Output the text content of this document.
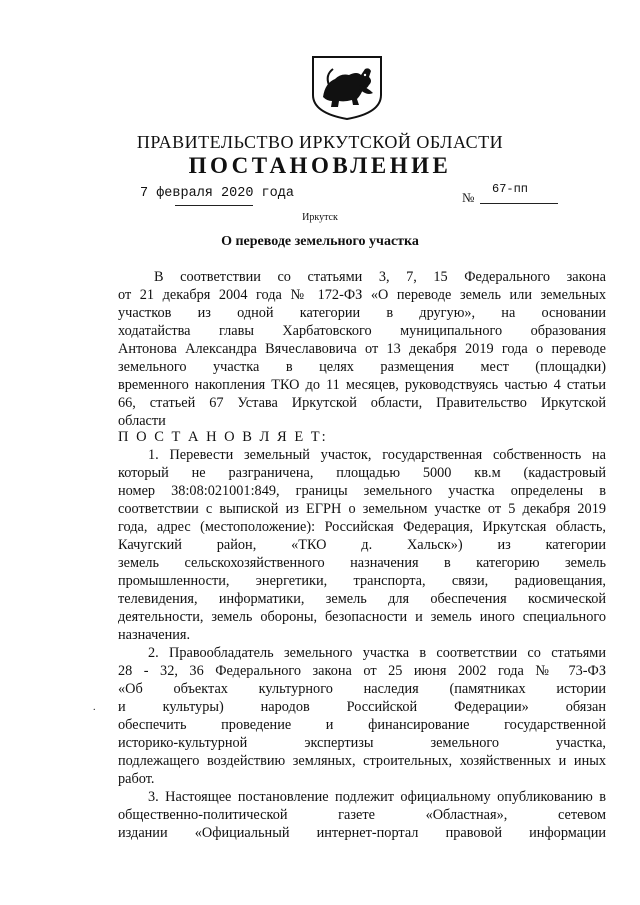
ПРАВИТЕЛЬСТВО ИРКУТСКОЙ ОБЛАСТИ
ПОСТАНОВЛЕНИЕ
7 февраля 2020 года	№
67-пп
Иркутск
О переводе земельного участка
В соответствии со статьями 3, 7, 15 Федерального закона
от 21 декабря 2004 года № 172-ФЗ «О переводе земель или земельных
участков из одной категории в другую», на основании
ходатайства главы Харбатовского муниципального образования
Антонова Александра Вячеславовича от 13 декабря 2019 года о переводе
земельного участка в целях размещения мест (площадки)
временного накопления ТКО до 11 месяцев, руководствуясь частью 4 статьи
66, статьей 67 Устава Иркутской области, Правительство Иркутской
области
П О С Т А Н О В Л Я Е Т:
1. Перевести земельный участок, государственная собственность на
который не разграничена, площадью 5000 кв.м (кадастровый
номер 38:08:021001:849, границы земельного участка определены в
соответствии с выпиской из ЕГРН о земельном участке от 5 декабря 2019
года, адрес (местоположение): Российская Федерация, Иркутская область,
Качугский район, «ТКО д. Хальск») из категории
земель сельскохозяйственного назначения в категорию земель
промышленности, энергетики, транспорта, связи, радиовещания,
телевидения, информатики, земель для обеспечения космической
деятельности, земель обороны, безопасности и земель иного специального
назначения.
2. Правообладатель земельного участка в соответствии со статьями
28 - 32, 36 Федерального закона от 25 июня 2002 года № 73-ФЗ
«Об объектах культурного наследия (памятниках истории
и культуры) народов Российской Федерации» обязан
обеспечить проведение и финансирование государственной
историко-культурной экспертизы земельного участка,
подлежащего воздействию земляных, строительных, хозяйственных и иных
работ.
3. Настоящее постановление подлежит официальному опубликованию в
общественно-политической газете «Областная», сетевом
издании «Официальный интернет-портал правовой информации
.
